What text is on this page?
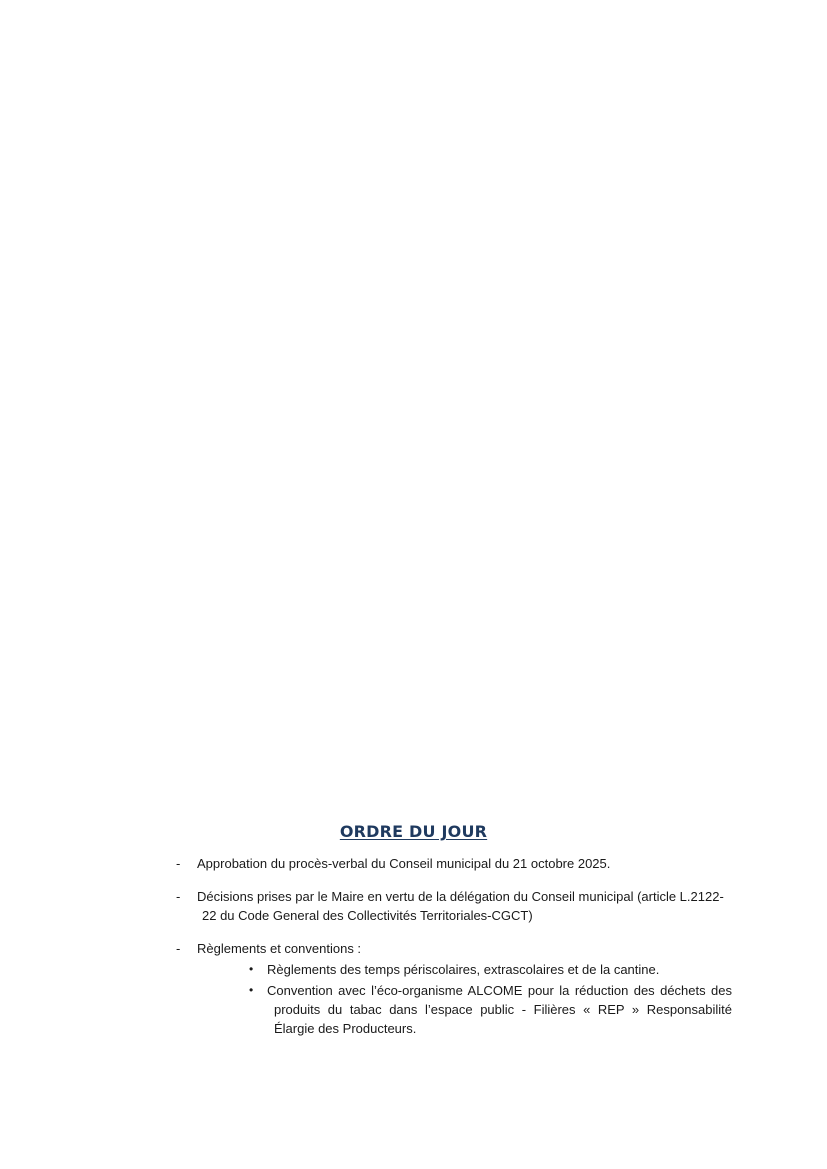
ORDRE DU JOUR
- Approbation du procès-verbal du Conseil municipal du 21 octobre 2025.
- Décisions prises par le Maire en vertu de la délégation du Conseil municipal (article L.2122-22 du Code General des Collectivités Territoriales-CGCT)
- Règlements et conventions :
• Règlements des temps périscolaires, extrascolaires et de la cantine.
• Convention avec l’éco-organisme ALCOME pour la réduction des déchets des produits du tabac dans l’espace public - Filières « REP » Responsabilité Élargie des Producteurs.
